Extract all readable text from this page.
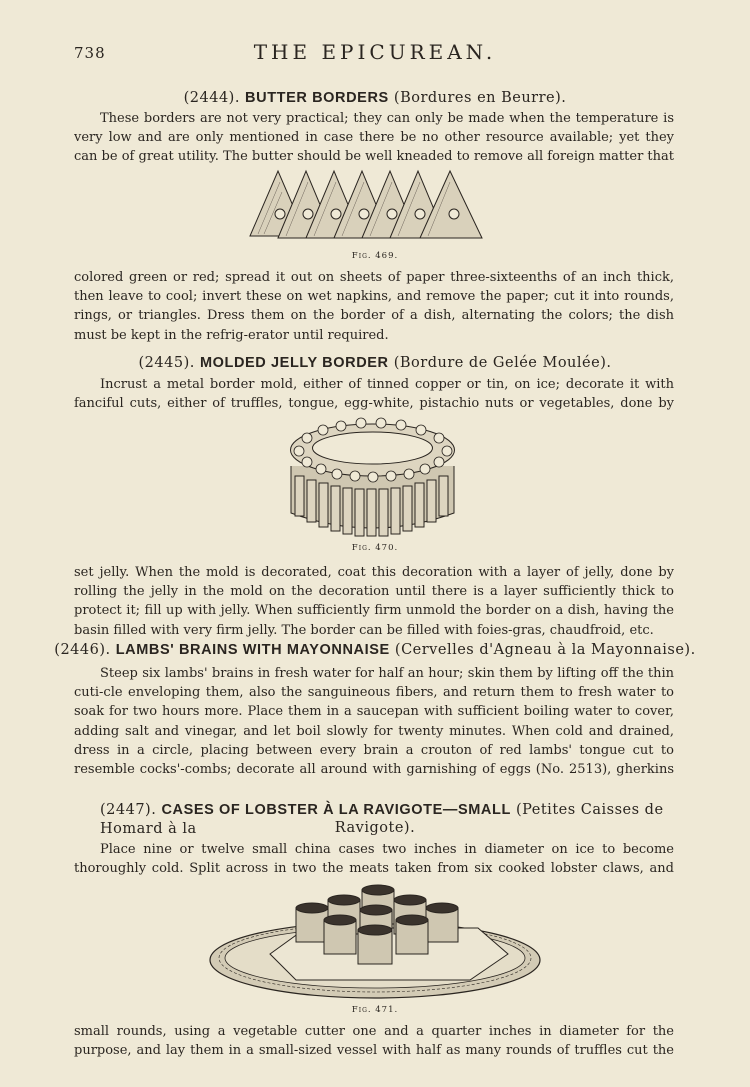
738	THE EPICUREAN.
(2444). BUTTER BORDERS (Bordures en Beurre).
These borders are not very practical; they can only be made when the temperature is very low and are only mentioned in case there be no other resource available; yet they can be of great utility. The butter should be well kneaded to remove all foreign matter that
Fig. 469.
colored green or red; spread it out on sheets of paper three-sixteenths of an inch thick, then leave to cool; invert these on wet napkins, and remove the paper; cut it into rounds, rings, or triangles. Dress them on the border of a dish, alternating the colors; the dish must be kept in the refrig-erator until required.
(2445). MOLDED JELLY BORDER (Bordure de Gelée Moulée).
Incrust a metal border mold, either of tinned copper or tin, on ice; decorate it with fanciful cuts, either of truffles, tongue, egg-white, pistachio nuts or vegetables, done by
Fig. 470.
set jelly. When the mold is decorated, coat this decoration with a layer of jelly, done by rolling the jelly in the mold on the decoration until there is a layer sufficiently thick to protect it; fill up with jelly. When sufficiently firm unmold the border on a dish, having the basin filled with very firm jelly. The border can be filled with foies-gras, chaudfroid, etc.
(2446). LAMBS' BRAINS WITH MAYONNAISE (Cervelles d'Agneau à la Mayonnaise).
Steep six lambs' brains in fresh water for half an hour; skin them by lifting off the thin cuti-cle enveloping them, also the sanguineous fibers, and return them to fresh water to soak for two hours more. Place them in a saucepan with sufficient boiling water to cover, adding salt and vinegar, and let boil slowly for twenty minutes. When cold and drained, dress in a circle, placing between every brain a crouton of red lambs' tongue cut to resemble cocks'-combs; decorate all around with garnishing of eggs (No. 2513), gherkins
(2447). CASES OF LOBSTER À LA RAVIGOTE—SMALL (Petites Caisses de Homard à la	Ravigote).
Place nine or twelve small china cases two inches in diameter on ice to become thoroughly cold. Split across in two the meats taken from six cooked lobster claws, and
Fig. 471.
small rounds, using a vegetable cutter one and a quarter inches in diameter for the purpose, and lay them in a small-sized vessel with half as many rounds of truffles cut the
